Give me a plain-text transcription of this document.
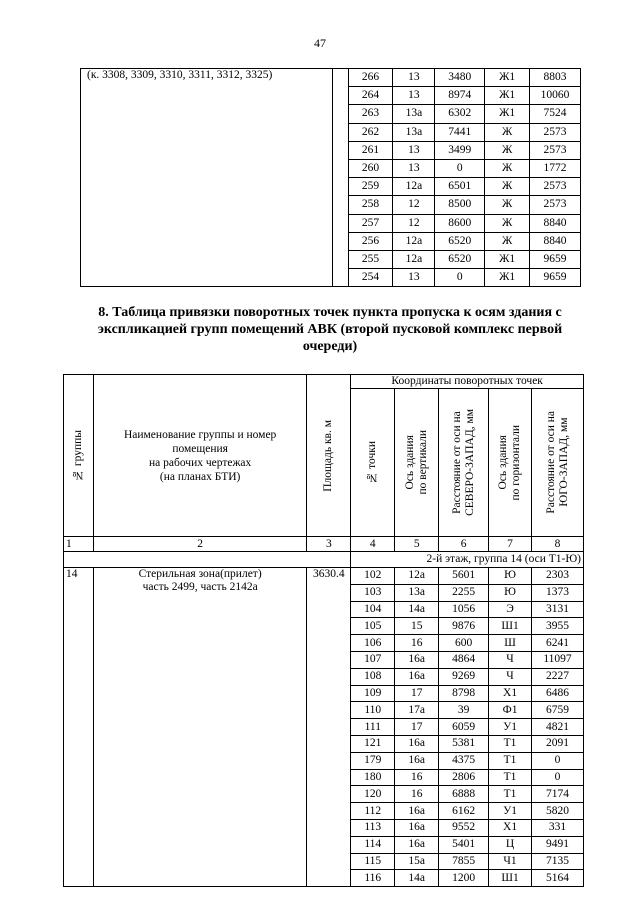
47
(к. 3308, 3309, 3310, 3311, 3312, 3325)		266	13	3480	Ж1	8803
		264	13	8974	Ж1	10060
		263	13а	6302	Ж1	7524
		262	13а	7441	Ж	2573
		261	13	3499	Ж	2573
		260	13	0	Ж	1772
		259	12а	6501	Ж	2573
		258	12	8500	Ж	2573
		257	12	8600	Ж	8840
		256	12а	6520	Ж	8840
		255	12а	6520	Ж1	9659
		254	13	0	Ж1	9659
8. Таблица привязки поворотных точек пункта пропуска к осям здания с экспликацией групп помещений АВК (второй пусковой комплекс первой очереди)
№ группы	Наименование группы и номер
помещения
на рабочих чертежах
(на планах БТИ)	Площадь кв. м	Координаты поворотных точек				

			№ точки	Ось здания
по вертикали	Расстояние от оси на
СЕВЕРО-ЗАПАД, мм	Ось здания
по горизонтали	Расстояние от оси на
ЮГО-ЗАПАД, мм

1	2	3	4	5	6	7	8
			2-й этаж, группа 14 (оси Т1-Ю)				
14	Стерильная зона(прилет)
часть 2499, часть 2142а	3630.4	102	12а	5601	Ю	2303
			103	13а	2255	Ю	1373
			104	14а	1056	Э	3131
			105	15	9876	Ш1	3955
			106	16	600	Ш	6241
			107	16а	4864	Ч	11097
			108	16а	9269	Ч	2227
			109	17	8798	Х1	6486
			110	17а	39	Ф1	6759
			111	17	6059	У1	4821
			121	16а	5381	Т1	2091
			179	16а	4375	Т1	0
			180	16	2806	Т1	0
			120	16	6888	Т1	7174
			112	16а	6162	У1	5820
			113	16а	9552	Х1	331
			114	16а	5401	Ц	9491
			115	15а	7855	Ч1	7135
			116	14а	1200	Ш1	5164
